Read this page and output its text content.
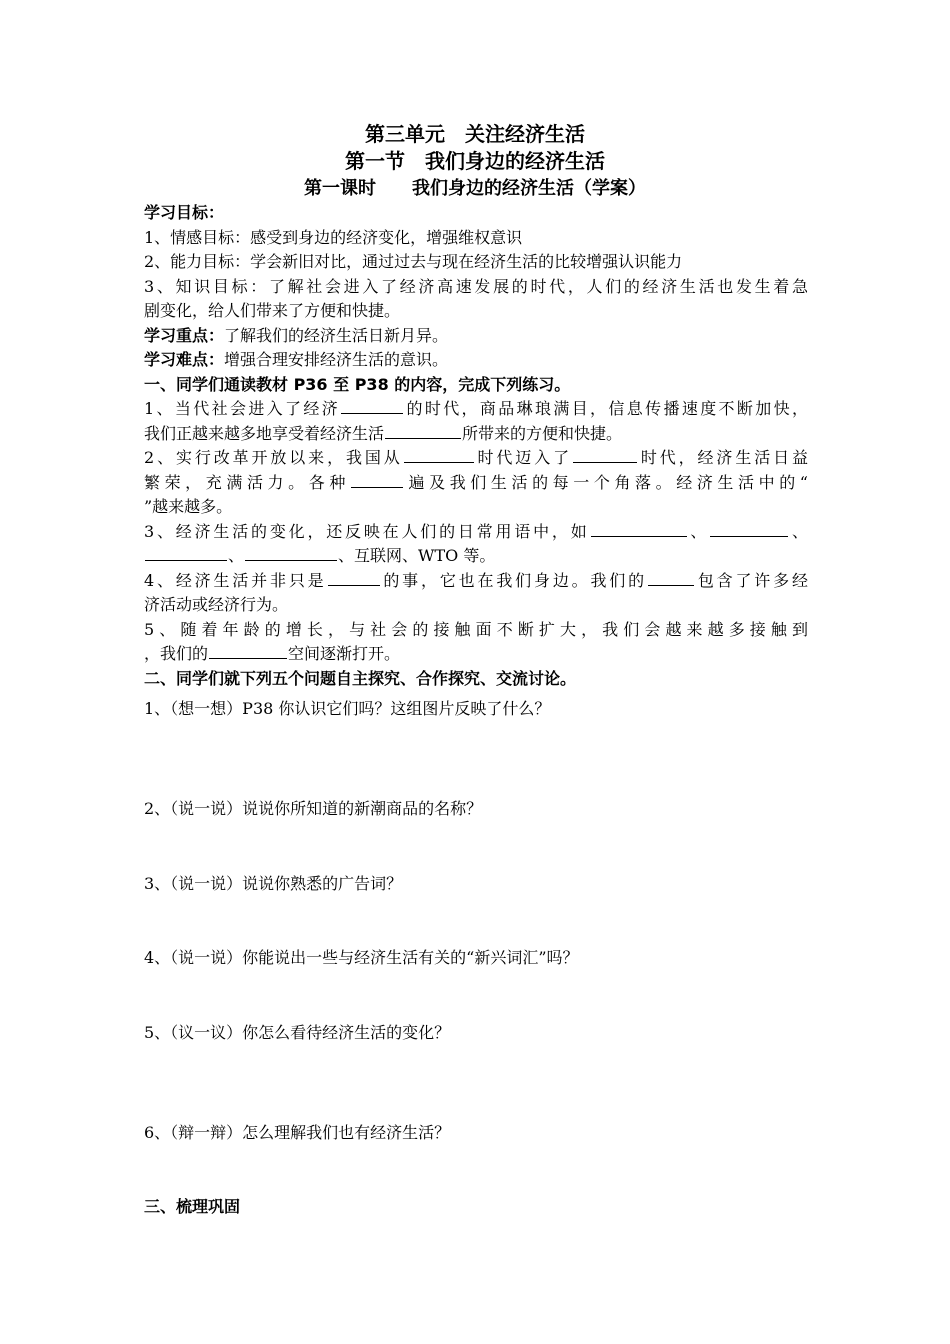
第三单元　关注经济生活
第一节　我们身边的经济生活
第一课时　　我们身边的经济生活（学案）
学习目标：
1、情感目标：感受到身边的经济变化，增强维权意识
2、能力目标：学会新旧对比，通过过去与现在经济生活的比较增强认识能力
3、知识目标：了解社会进入了经济高速发展的时代，人们的经济生活也发生着急
剧变化，给人们带来了方便和快捷。
学习重点：了解我们的经济生活日新月异。
学习难点：增强合理安排经济生活的意识。
一、同学们通读教材 P36 至 P38 的内容，完成下列练习。
1、当代社会进入了经济	的时代，商品琳琅满目，信息传播速度不断加快，
我们正越来越多地享受着经济生活	所带来的方便和快捷。
2、实行改革开放以来，我国从	时代迈入了	时代，经济生活日益
繁荣，充满活力。各种	遍及我们生活的每一个角落。经济生活中的“
”越来越多。
3、经济生活的变化，还反映在人们的日常用语中，如	、	、
、	、互联网、WTO 等。
4、经济生活并非只是	的事，它也在我们身边。我们的	包含了许多经
济活动或经济行为。
5、随着年龄的增长，与社会的接触面不断扩大，我们会越来越多接触到
，我们的	空间逐渐打开。
二、同学们就下列五个问题自主探究、合作探究、交流讨论。
1、（想一想）P38 你认识它们吗？这组图片反映了什么？
2、（说一说）说说你所知道的新潮商品的名称？
3、（说一说）说说你熟悉的广告词？
4、（说一说）你能说出一些与经济生活有关的“新兴词汇”吗？
5、（议一议）你怎么看待经济生活的变化？
6、（辩一辩）怎么理解我们也有经济生活？
三、梳理巩固
